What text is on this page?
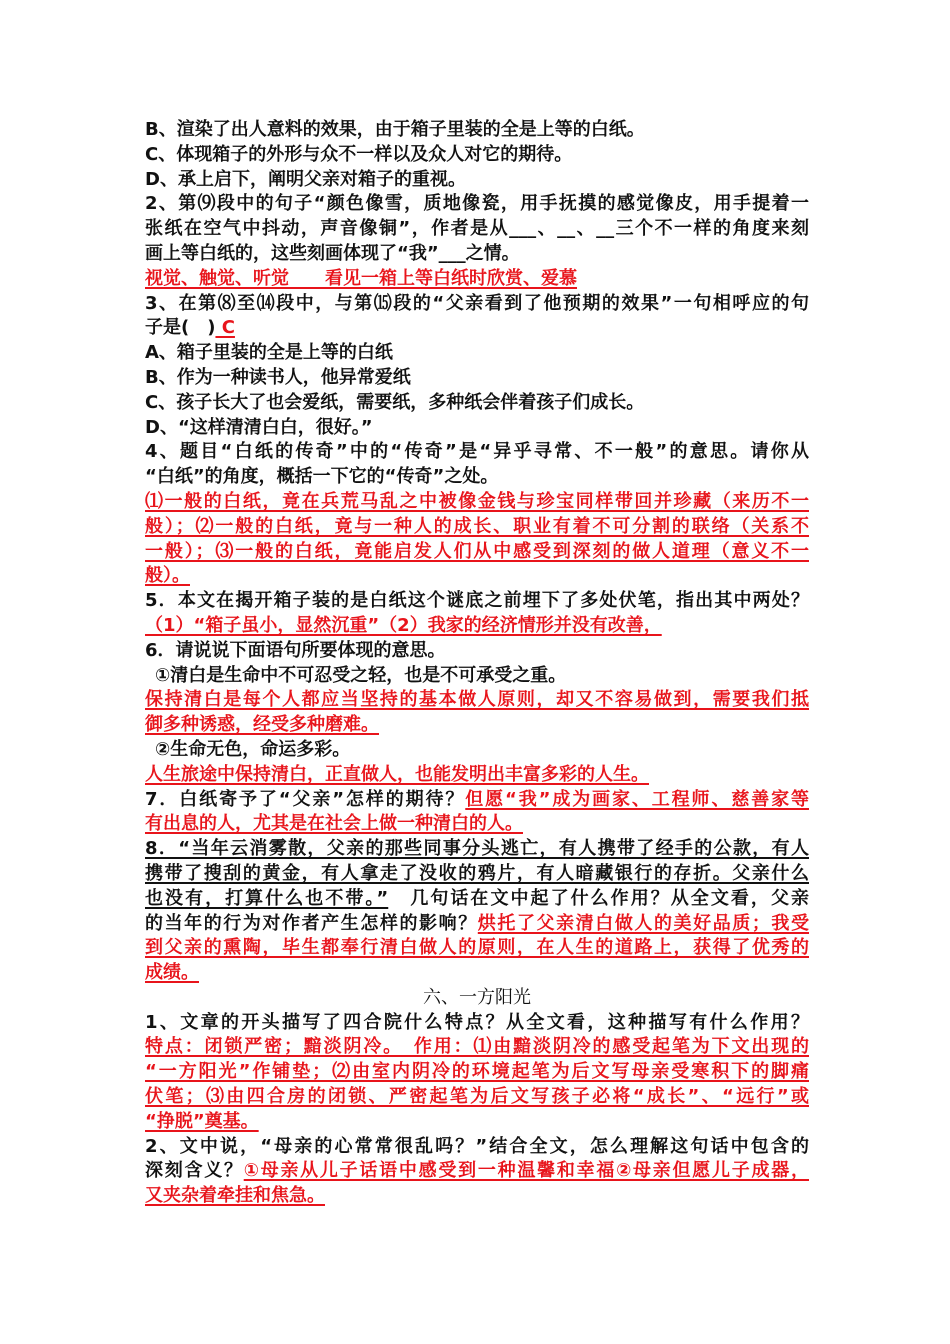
B、渲染了出人意料的效果，由于箱子里装的全是上等的白纸。
C、体现箱子的外形与众不一样以及众人对它的期待。
D、承上启下，阐明父亲对箱子的重视。
2、第⑼段中的句子“颜色像雪，质地像瓷，用手抚摸的感觉像皮，用手提着一
张纸在空气中抖动，声音像铜”，作者是从___、__、__三个不一样的角度来刻
画上等白纸的，这些刻画体现了“我”___之情。
视觉、触觉、听觉　　看见一箱上等白纸时欣赏、爱慕
3、在第⑻至⒁段中，与第⒂段的“父亲看到了他预期的效果”一句相呼应的句
子是(　) C
A、箱子里装的全是上等的白纸
B、作为一种读书人，他异常爱纸
C、孩子长大了也会爱纸，需要纸，多种纸会伴着孩子们成长。
D、“这样清清白白，很好。”
4、题目“白纸的传奇”中的“传奇”是“异乎寻常、不一般”的意思。请你从
“白纸”的角度，概括一下它的“传奇”之处。
⑴一般的白纸，竟在兵荒马乱之中被像金钱与珍宝同样带回并珍藏（来历不一
般）；⑵一般的白纸，竟与一种人的成长、职业有着不可分割的联络（关系不
一般）；⑶一般的白纸，竟能启发人们从中感受到深刻的做人道理（意义不一
般）。
5．本文在揭开箱子装的是白纸这个谜底之前埋下了多处伏笔，指出其中两处？
（1）“箱子虽小，显然沉重”（2）我家的经济情形并没有改善，
6．请说说下面语句所要体现的意思。
①清白是生命中不可忍受之轻，也是不可承受之重。
保持清白是每个人都应当坚持的基本做人原则，却又不容易做到，需要我们抵
御多种诱惑，经受多种磨难。
②生命无色，命运多彩。
人生旅途中保持清白，正直做人，也能发明出丰富多彩的人生。
7．白纸寄予了“父亲”怎样的期待？但愿“我”成为画家、工程师、慈善家等
有出息的人，尤其是在社会上做一种清白的人。
8．“当年云消雾散，父亲的那些同事分头逃亡，有人携带了经手的公款，有人
携带了搜刮的黄金，有人拿走了没收的鸦片，有人暗藏银行的存折。父亲什么
也没有，打算什么也不带。”　几句话在文中起了什么作用？从全文看，父亲
的当年的行为对作者产生怎样的影响？烘托了父亲清白做人的美好品质；我受
到父亲的熏陶，毕生都奉行清白做人的原则，在人生的道路上，获得了优秀的
成绩。
六、一方阳光
1、文章的开头描写了四合院什么特点？从全文看，这种描写有什么作用？
特点：闭锁严密；黯淡阴冷。　作用：⑴由黯淡阴冷的感受起笔为下文出现的
“一方阳光”作铺垫；⑵由室内阴冷的环境起笔为后文写母亲受寒积下的脚痛
伏笔；⑶由四合房的闭锁、严密起笔为后文写孩子必将“成长”、“远行”或
“挣脱”奠基。
2、文中说，“母亲的心常常很乱吗？”结合全文，怎么理解这句话中包含的
深刻含义？①母亲从儿子话语中感受到一种温馨和幸福②母亲但愿儿子成器，
又夹杂着牵挂和焦急。
